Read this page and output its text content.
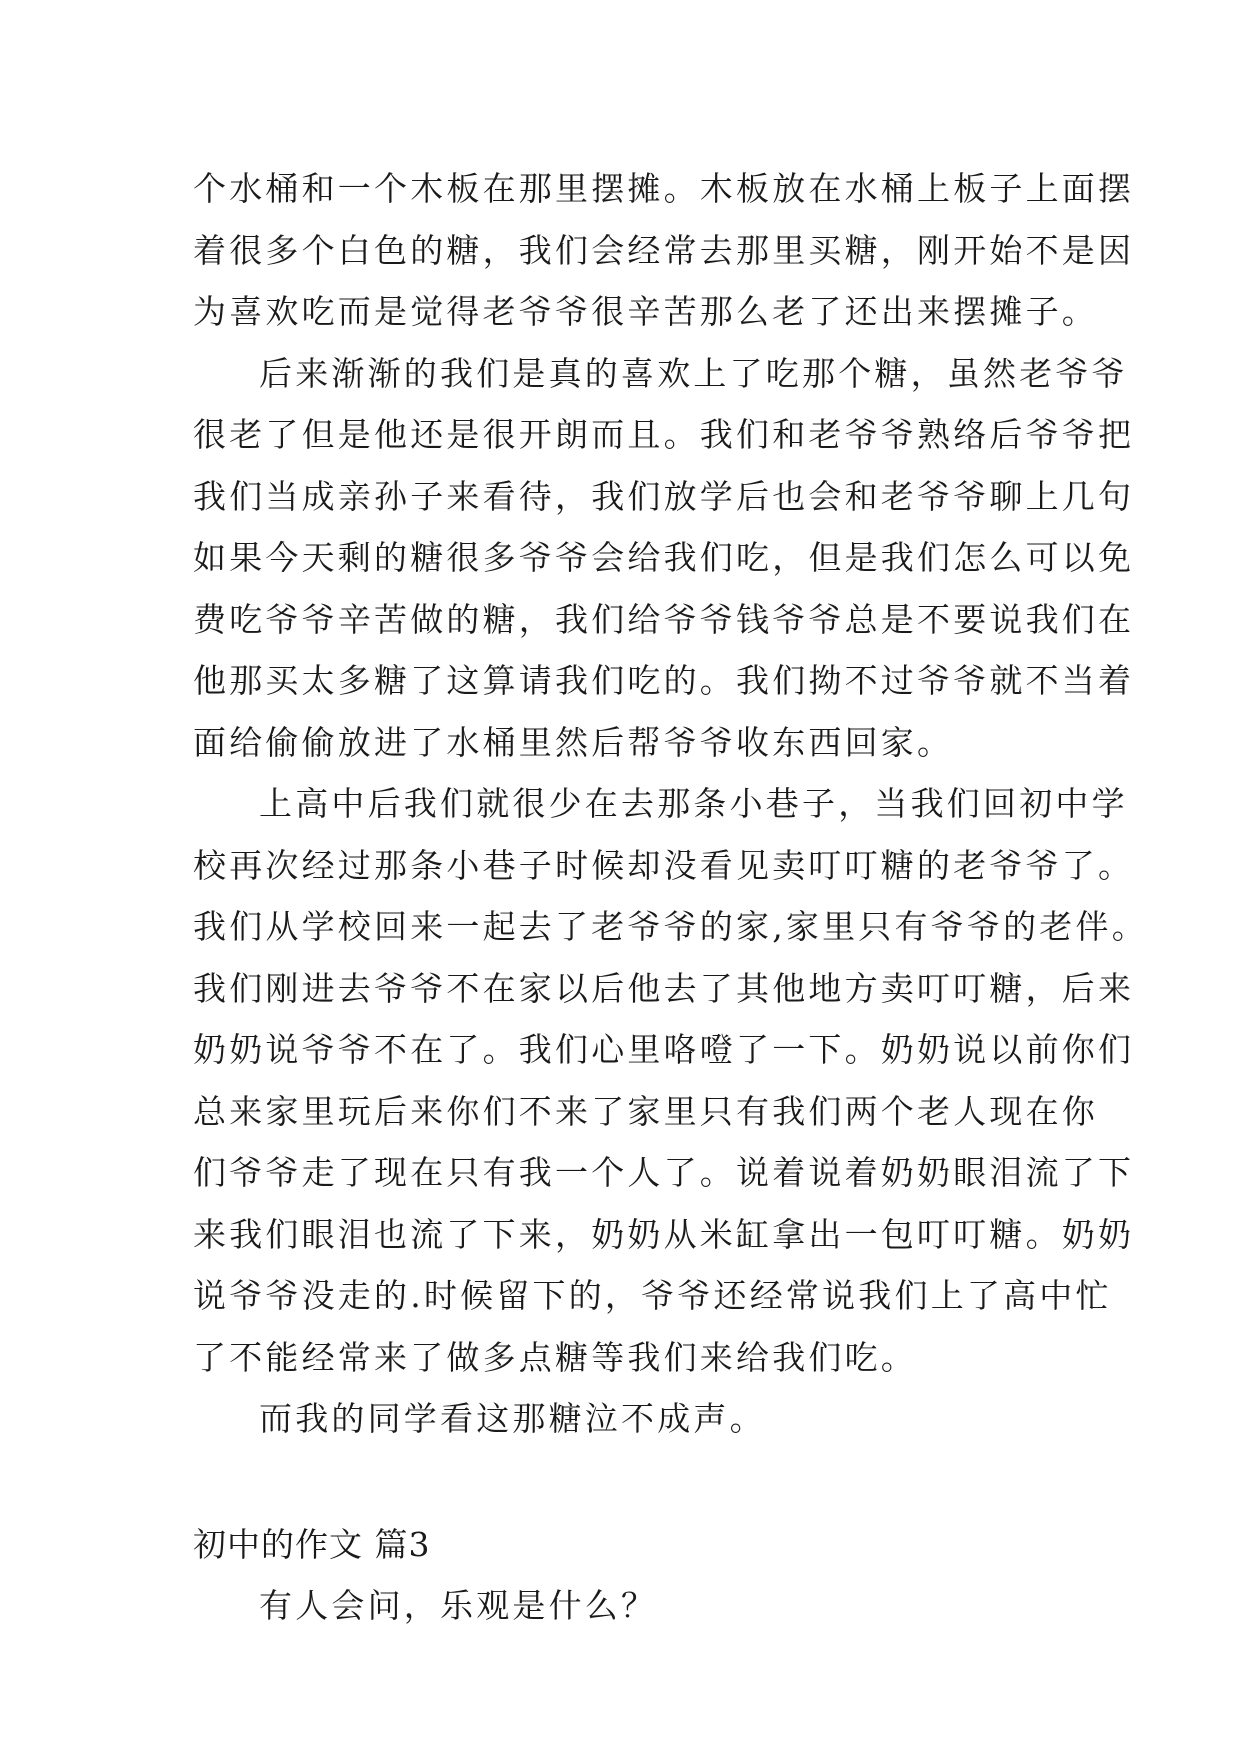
个水桶和一个木板在那里摆摊。木板放在水桶上板子上面摆
着很多个白色的糖，我们会经常去那里买糖，刚开始不是因
为喜欢吃而是觉得老爷爷很辛苦那么老了还出来摆摊子。
后来渐渐的我们是真的喜欢上了吃那个糖，虽然老爷爷
很老了但是他还是很开朗而且。我们和老爷爷熟络后爷爷把
我们当成亲孙子来看待，我们放学后也会和老爷爷聊上几句
如果今天剩的糖很多爷爷会给我们吃，但是我们怎么可以免
费吃爷爷辛苦做的糖，我们给爷爷钱爷爷总是不要说我们在
他那买太多糖了这算请我们吃的。我们拗不过爷爷就不当着
面给偷偷放进了水桶里然后帮爷爷收东西回家。
上高中后我们就很少在去那条小巷子，当我们回初中学
校再次经过那条小巷子时候却没看见卖叮叮糖的老爷爷了。
我们从学校回来一起去了老爷爷的家,家里只有爷爷的老伴。
我们刚进去爷爷不在家以后他去了其他地方卖叮叮糖，后来
奶奶说爷爷不在了。我们心里咯噔了一下。奶奶说以前你们
总来家里玩后来你们不来了家里只有我们两个老人现在你
们爷爷走了现在只有我一个人了。说着说着奶奶眼泪流了下
来我们眼泪也流了下来，奶奶从米缸拿出一包叮叮糖。奶奶
说爷爷没走的.时候留下的，爷爷还经常说我们上了高中忙
了不能经常来了做多点糖等我们来给我们吃。
而我的同学看这那糖泣不成声。
初中的作文 篇3
有人会问，乐观是什么？
